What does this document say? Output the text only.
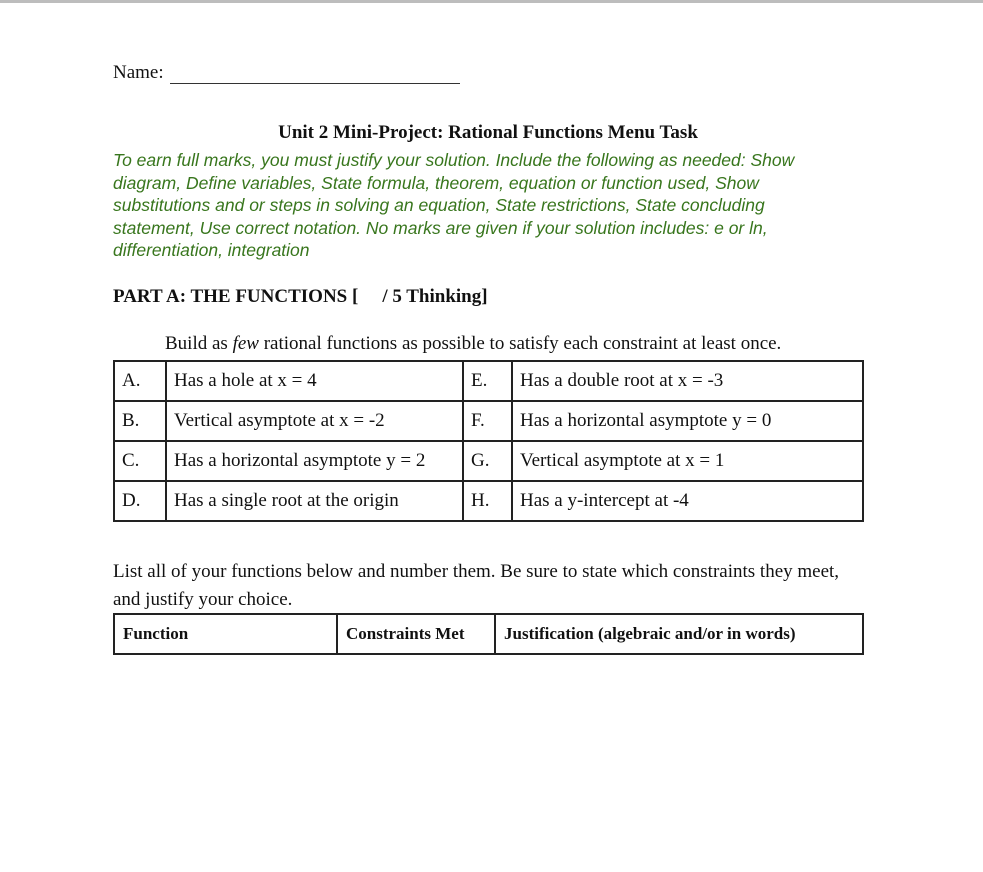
Name:
Unit 2 Mini-Project: Rational Functions Menu Task
To earn full marks, you must justify your solution. Include the following as needed: Show diagram, Define variables, State formula, theorem, equation or function used, Show substitutions and or steps in solving an equation, State restrictions, State concluding statement, Use correct notation. No marks are given if your solution includes: e or ln, differentiation, integration
PART A: THE FUNCTIONS [ / 5 Thinking]
Build as few rational functions as possible to satisfy each constraint at least once.
A.	Has a hole at x = 4	E.	Has a double root at x = -3
B.	Vertical asymptote at x = -2	F.	Has a horizontal asymptote y = 0
C.	Has a horizontal asymptote y = 2	G.	Vertical asymptote at x = 1
D.	Has a single root at the origin	H.	Has a y-intercept at -4
List all of your functions below and number them. Be sure to state which constraints they meet, and justify your choice.
Function	Constraints Met	Justification (algebraic and/or in words)
